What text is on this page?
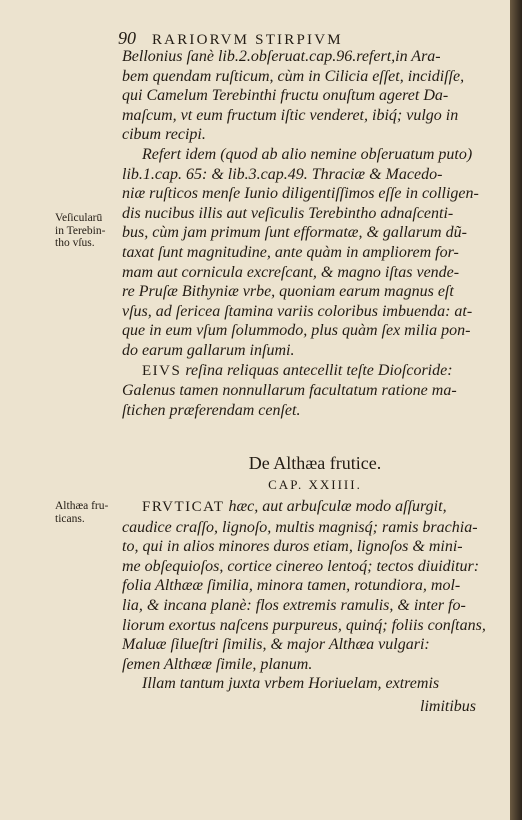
90 RARIORVM STIRPIVM
Veſicularū
in Terebin-
tho vſus.
Althæa fru-
ticans.
Bellonius ſanè lib.2.obſeruat.cap.96.refert,in Ara-
bem quendam ruſticum, cùm in Cilicia eſſet, incidiſſe,
qui Camelum Terebinthi fructu onuſtum ageret Da-
maſcum, vt eum fructum iſtic venderet, ibiq́; vulgo in
cibum recipi.
Refert idem (quod ab alio nemine obſeruatum puto)
lib.1.cap. 65: & lib.3.cap.49. Thraciæ & Macedo-
niæ ruſticos menſe Iunio diligentiſſimos eſſe in colligen-
dis nucibus illis aut veſiculis Terebintho adnaſcenti-
bus, cùm jam primum ſunt efformatæ, & gallarum dũ-
taxat ſunt magnitudine, ante quàm in ampliorem for-
mam aut cornicula excreſcant, & magno iſtas vende-
re Pruſæ Bithyniæ vrbe, quoniam earum magnus eſt
vſus, ad ſericea ſtamina variis coloribus imbuenda: at-
que in eum vſum ſolummodo, plus quàm ſex milia pon-
do earum gallarum inſumi.
EIVS reſina reliquas antecellit teſte Dioſcoride:
Galenus tamen nonnullarum facultatum ratione ma-
ſtichen præferendam cenſet.
De Althæa frutice.
CAP. XXIIII.
FRVTICAT hæc, aut arbuſculæ modo aſſurgit,
caudice craſſo, lignoſo, multis magnisq́; ramis brachia-
to, qui in alios minores duros etiam, lignoſos & mini-
me obſequioſos, cortice cinereo lentoq́; tectos diuiditur:
folia Althææ ſimilia, minora tamen, rotundiora, mol-
lia, & incana planè: flos extremis ramulis, & inter fo-
liorum exortus naſcens purpureus, quinq́; foliis conſtans,
Maluæ ſilueſtri ſimilis, & major Althæa vulgari:
ſemen Althææ ſimile, planum.
Illam tantum juxta vrbem Horiuelam, extremis
limitibus
